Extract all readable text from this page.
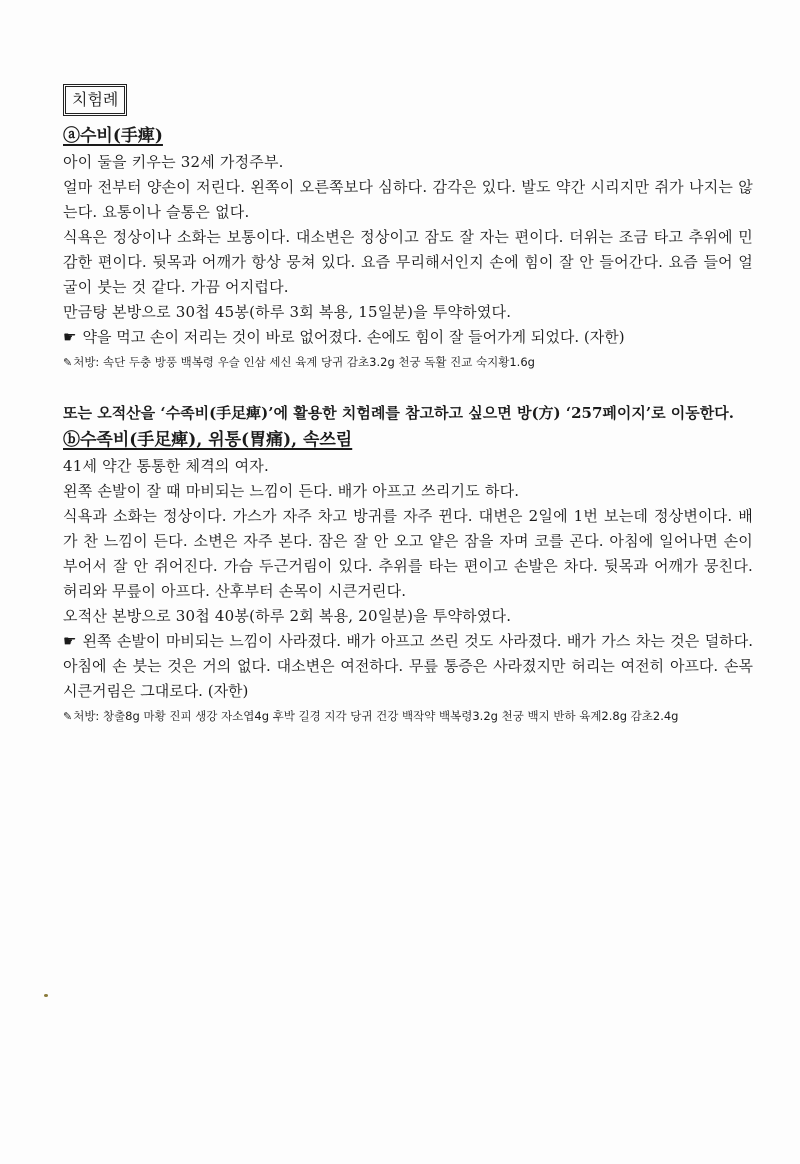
치험례
ⓐ수비(手痺)

아이 둘을 키우는 32세 가정주부.

얼마 전부터 양손이 저린다. 왼쪽이 오른쪽보다 심하다. 감각은 있다. 발도 약간 시리지만 쥐가 나지는 않는다. 요통이나 슬통은 없다.

식욕은 정상이나 소화는 보통이다. 대소변은 정상이고 잠도 잘 자는 편이다. 더위는 조금 타고 추위에 민감한 편이다. 뒷목과 어깨가 항상 뭉쳐 있다. 요즘 무리해서인지 손에 힘이 잘 안 들어간다. 요즘 들어 얼굴이 붓는 것 같다. 가끔 어지럽다.

만금탕 본방으로 30첩 45봉(하루 3회 복용, 15일분)을 투약하였다.

☛ 약을 먹고 손이 저리는 것이 바로 없어졌다. 손에도 힘이 잘 들어가게 되었다. (자한)

✎처방: 속단 두충 방풍 백복령 우슬 인삼 세신 육계 당귀 감초3.2g 천궁 독활 진교 숙지황1.6g

또는 오적산을 ‘수족비(手足痺)’에 활용한 치험례를 참고하고 싶으면 방(方) ‘257페이지’로 이동한다.

ⓑ수족비(手足痺), 위통(胃痛), 속쓰림

41세 약간 통통한 체격의 여자.

왼쪽 손발이 잘 때 마비되는 느낌이 든다. 배가 아프고 쓰리기도 하다.

식욕과 소화는 정상이다. 가스가 자주 차고 방귀를 자주 뀐다. 대변은 2일에 1번 보는데 정상변이다. 배가 찬 느낌이 든다. 소변은 자주 본다. 잠은 잘 안 오고 얕은 잠을 자며 코를 곤다. 아침에 일어나면 손이 부어서 잘 안 쥐어진다. 가슴 두근거림이 있다. 추위를 타는 편이고 손발은 차다. 뒷목과 어깨가 뭉친다. 허리와 무릎이 아프다. 산후부터 손목이 시큰거린다.

오적산 본방으로 30첩 40봉(하루 2회 복용, 20일분)을 투약하였다.

☛ 왼쪽 손발이 마비되는 느낌이 사라졌다. 배가 아프고 쓰린 것도 사라졌다. 배가 가스 차는 것은 덜하다. 아침에 손 붓는 것은 거의 없다. 대소변은 여전하다. 무릎 통증은 사라졌지만 허리는 여전히 아프다. 손목 시큰거림은 그대로다. (자한)

✎처방: 창출8g 마황 진피 생강 자소엽4g 후박 길경 지각 당귀 건강 백작약 백복령3.2g 천궁 백지 반하 육계2.8g 감초2.4g
